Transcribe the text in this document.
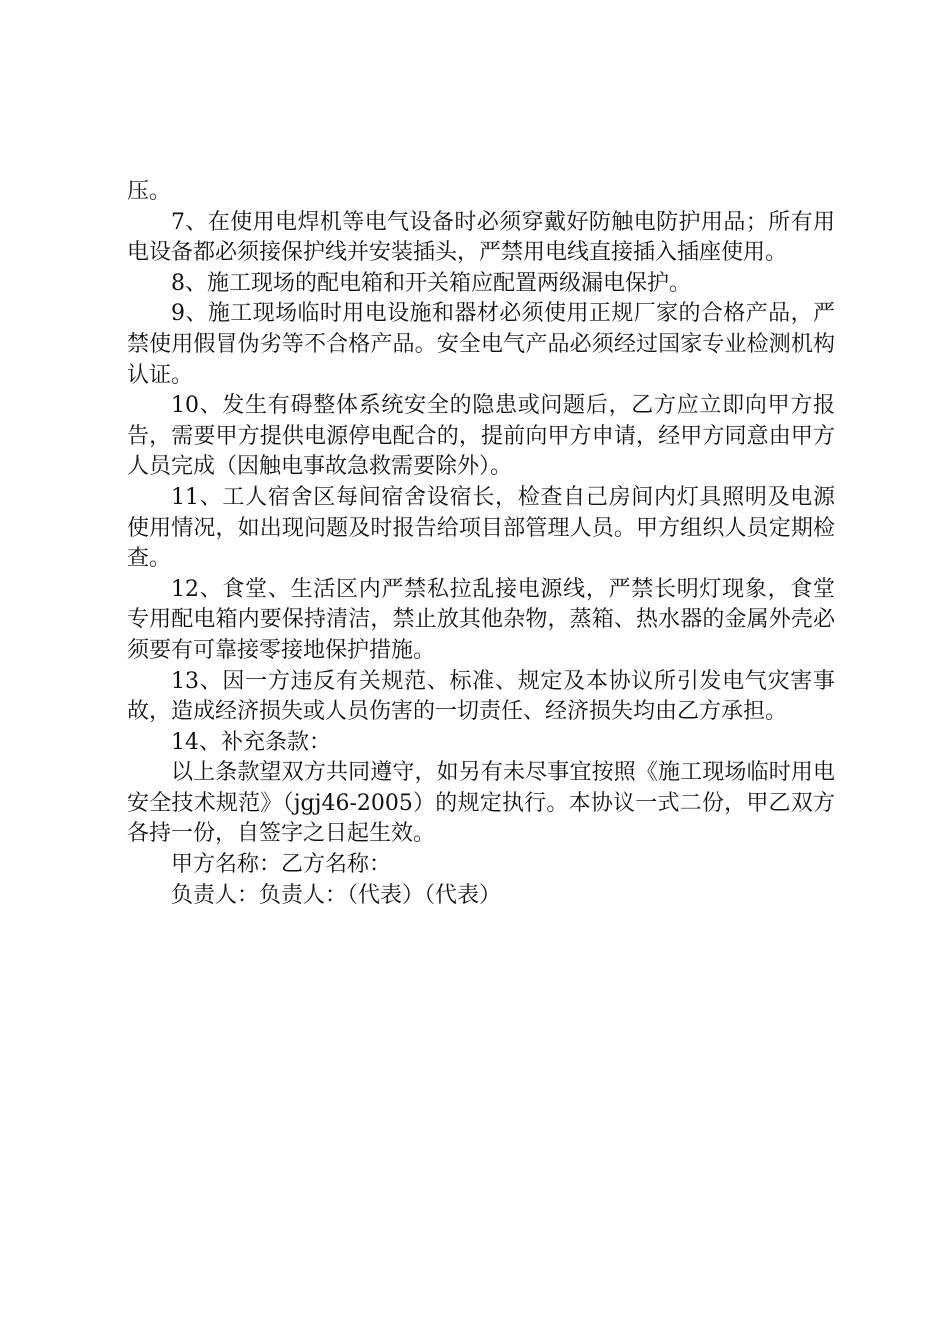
压。

7、在使用电焊机等电气设备时必须穿戴好防触电防护用品；所有用电设备都必须接保护线并安装插头，严禁用电线直接插入插座使用。

8、施工现场的配电箱和开关箱应配置两级漏电保护。

9、施工现场临时用电设施和器材必须使用正规厂家的合格产品，严禁使用假冒伪劣等不合格产品。安全电气产品必须经过国家专业检测机构认证。

10、发生有碍整体系统安全的隐患或问题后，乙方应立即向甲方报告，需要甲方提供电源停电配合的，提前向甲方申请，经甲方同意由甲方人员完成（因触电事故急救需要除外）。

11、工人宿舍区每间宿舍设宿长，检查自己房间内灯具照明及电源使用情况，如出现问题及时报告给项目部管理人员。甲方组织人员定期检查。

12、食堂、生活区内严禁私拉乱接电源线，严禁长明灯现象，食堂专用配电箱内要保持清洁，禁止放其他杂物，蒸箱、热水器的金属外壳必须要有可靠接零接地保护措施。

13、因一方违反有关规范、标准、规定及本协议所引发电气灾害事故，造成经济损失或人员伤害的一切责任、经济损失均由乙方承担。

14、补充条款：

以上条款望双方共同遵守，如另有未尽事宜按照《施工现场临时用电安全技术规范》（jgj46-2005）的规定执行。本协议一式二份，甲乙双方各持一份，自签字之日起生效。

甲方名称：乙方名称：

负责人：负责人：（代表）（代表）
